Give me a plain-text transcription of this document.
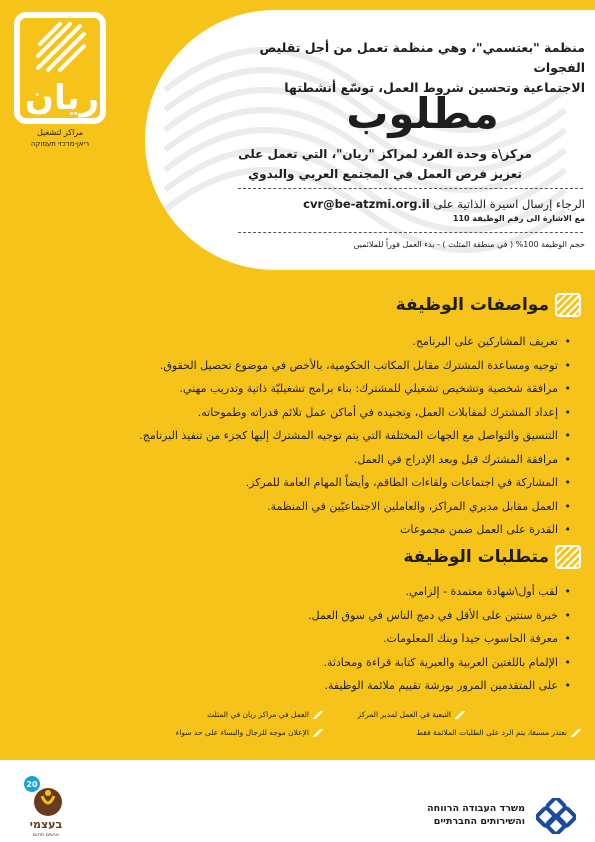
ريان
مراكز لتشغيل
ריאן-מרכזי תעסוקה
منظمة "بعتسمي"، وهي منظمة تعمل من أجل تقليص الفجوات
الاجتماعية وتحسين شروط العمل، توسّع أنشطتها
مطلوب
مركز\ة وحدة الفرد لمراكز "ريان"، التي تعمل على
تعزيز فرص العمل في المجتمع العربي والبدوي
الرجاء إرسال اسيرة الذاتية على cvr@be-atzmi.org.il
مع الاشارة الى رقم الوظيفة 110
حجم الوظيفة 100% ( في منطقة المثلث ) - بدء العمل فوراً للملائمين
مواصفات الوظيفة
• تعريف المشاركين على البرنامج.
• توجيه ومساعدة المشترك مقابل المكاتب الحكومية، بالأخص في موضوع تحصيل الحقوق.
• مرافقة شخصية وتشخيص تشغيلي للمشترك: بناء برامج تشغيليّة ذاتية وتدريب مهني.
• إعداد المشترك لمقابلات العمل، وتجنيده في أماكن عمل تلائم قدراته وطموحاته.
• التنسيق والتواصل مع الجهات المختلفة التي يتم توجيه المشترك إليها كجزء من تنفيذ البرنامج.
• مرافقة المشترك قبل وبعد الإدراج في العمل.
• المشاركة في اجتماعات ولقاءات الطاقم، وأيضاً المهام العامة للمركز.
• العمل مقابل مديري المراكز، والعاملين الاجتماعيّين في المنظمة.
• القدرة على العمل ضمن مجموعات
متطلبات الوظيفة
• لقب أول\شهادة معتمدة - إلزامي.
• خبرة سنتين على الأقل في دمج الناس في سوق العمل.
• معرفة الحاسوب جيدا وبنك المعلومات.
• الإلمام باللغتين العربية والعبرية كتابة قراءة ومحادثة.
• على المتقدمين المرور بورشة تقييم ملائمة الوظيفة.
العمل في مراكز ريان في المثلث	التبعية في العمل لمدير المركز
الإعلان موجه للرجال والنساء على حد سواء	نعتذر مسبقا، يتم الرد على الطلبات الملائمة فقط
משרד העבודה הרווחה
והשירותים החברתיים
20
בעצמי
אנשים תחום
